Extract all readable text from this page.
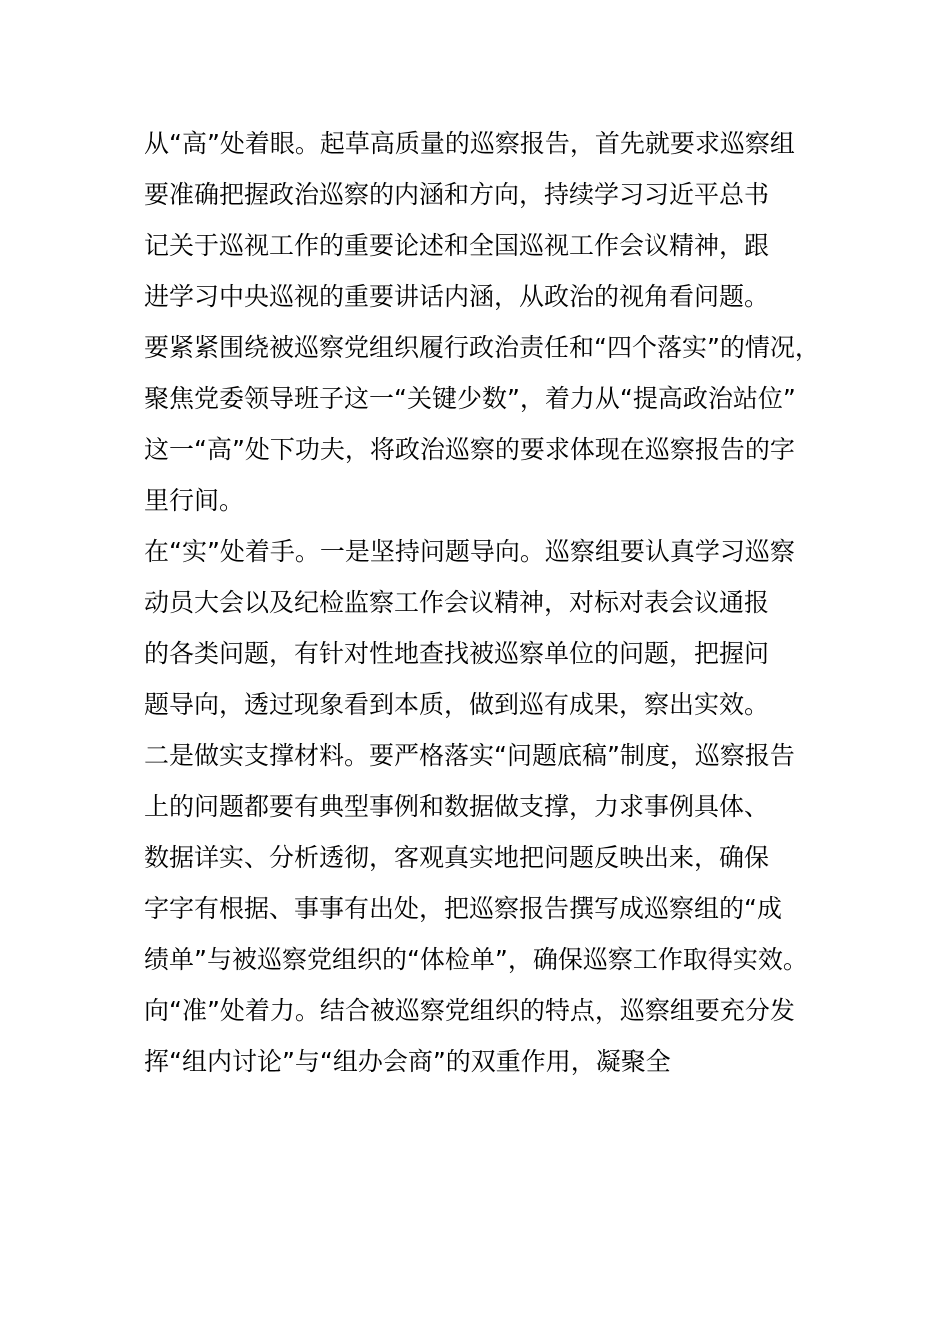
从“高”处着眼。起草高质量的巡察报告，首先就要求巡察组
要准确把握政治巡察的内涵和方向，持续学习习近平总书
记关于巡视工作的重要论述和全国巡视工作会议精神，跟
进学习中央巡视的重要讲话内涵，从政治的视角看问题。
要紧紧围绕被巡察党组织履行政治责任和“四个落实”的情况，
聚焦党委领导班子这一“关键少数”，着力从“提高政治站位”
这一“高”处下功夫，将政治巡察的要求体现在巡察报告的字
里行间。
在“实”处着手。一是坚持问题导向。巡察组要认真学习巡察
动员大会以及纪检监察工作会议精神，对标对表会议通报
的各类问题，有针对性地查找被巡察单位的问题，把握问
题导向，透过现象看到本质，做到巡有成果，察出实效。
二是做实支撑材料。要严格落实“问题底稿”制度，巡察报告
上的问题都要有典型事例和数据做支撑，力求事例具体、
数据详实、分析透彻，客观真实地把问题反映出来，确保
字字有根据、事事有出处，把巡察报告撰写成巡察组的“成
绩单”与被巡察党组织的“体检单”，确保巡察工作取得实效。
向“准”处着力。结合被巡察党组织的特点，巡察组要充分发
挥“组内讨论”与“组办会商”的双重作用，凝聚全
